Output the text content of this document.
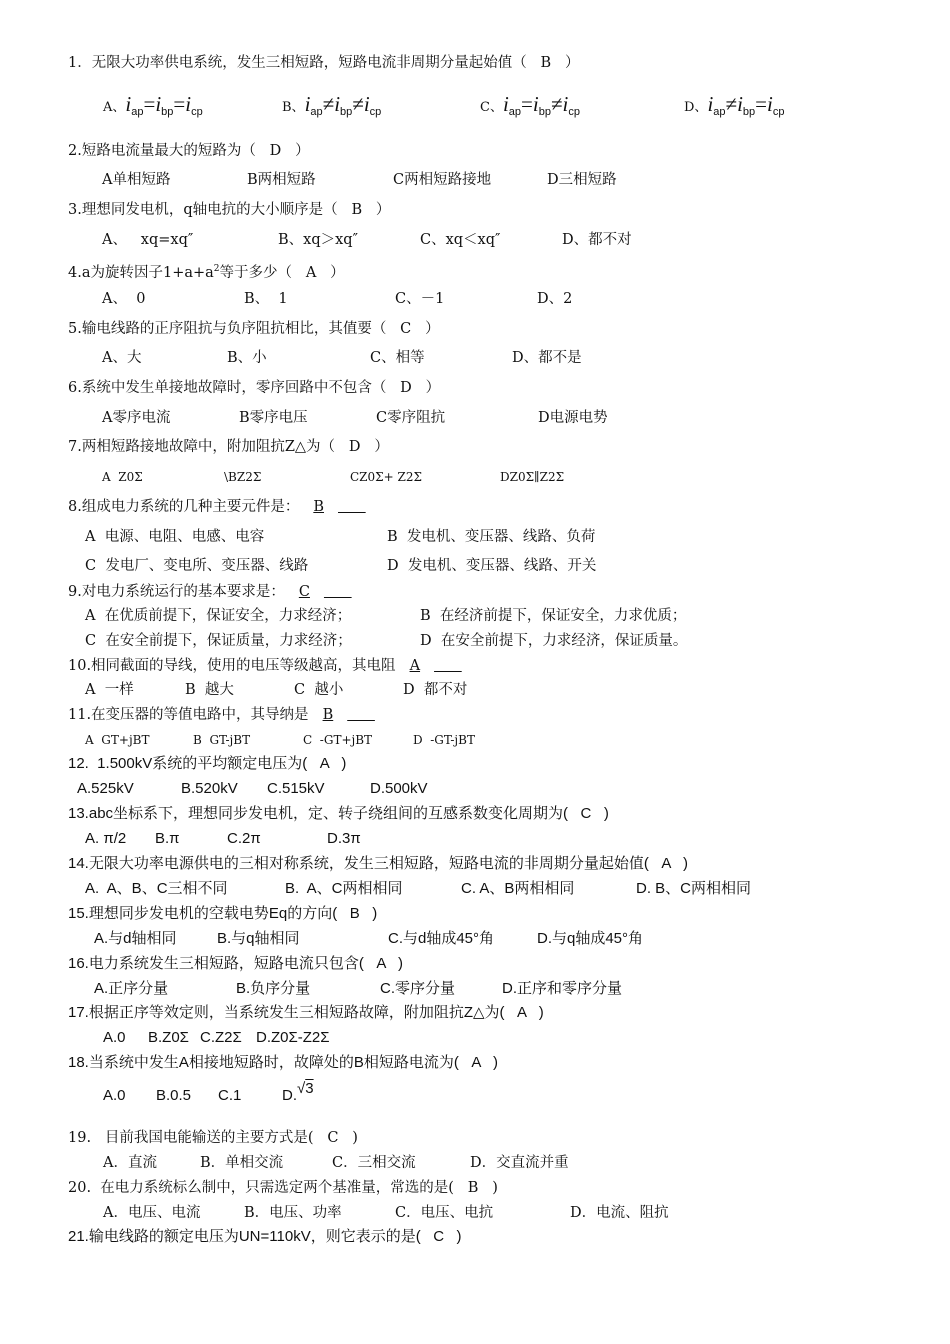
1．无限大功率供电系统，发生三相短路，短路电流非周期分量起始值（   B   ）
A、$i_{ap}=i_{bp}=i_{cp}$	B、$i_{ap}\ne i_{bp}\ne i_{cp}$	C、$i_{ap}=i_{bp}\ne i_{cp}$	D、$i_{ap}\ne i_{bp}=i_{cp}$
2.短路电流量最大的短路为（   D   ）
A单相短路	B两相短路	C两相短路接地	D三相短路
3.理想同发电机，q轴电抗的大小顺序是（   B   ）
A、   xq=xq″	B、xq＞xq″	C、xq＜xq″	D、都不对
4.a为旋转因子$1+a+a^2$等于多少（   A   ）
A、  0	B、  1	C、－1	D、2
5.输电线路的正序阻抗与负序阻抗相比，其值要（   C   ）
A、大	B、小	C、相等	D、都不是
6.系统中发生单接地故障时，零序回路中不包含（   D   ）
A零序电流	B零序电压	C零序阻抗	D电源电势
7.两相短路接地故障中，附加阻抗Z△为（   D   ）
A  Z0Σ	\BZ2Σ	CZ0Σ+ Z2Σ	DZ0Σ∥Z2Σ
8.组成电力系统的几种主要元件是： B
A  电源、电阻、电感、电容	B  发电机、变压器、线路、负荷
C  发电厂、变电所、变压器、线路	D  发电机、变压器、线路、开关
9.对电力系统运行的基本要求是： C
A  在优质前提下，保证安全，力求经济；	B  在经济前提下，保证安全，力求优质；
C  在安全前提下，保证质量，力求经济；	D  在安全前提下，力求经济，保证质量。
10.相同截面的导线，使用的电压等级越高，其电阻 A
A  一样	B  越大	C  越小	D  都不对
11.在变压器的等值电路中，其导纳是 B
A  GT+jBT	B  GT-jBT	C  -GT+jBT	D  -GT-jBT
12.  1.500kV系统的平均额定电压为(   A   )
A.525kV	B.520kV C.515kV	D.500kV
13.abc坐标系下，理想同步发电机，定、转子绕组间的互感系数变化周期为(   C   )
A. π/2 B.π	C.2π	D.3π
14.无限大功率电源供电的三相对称系统，发生三相短路，短路电流的非周期分量起始值(   A   )
A.  A、B、C三相不同	B.  A、C两相相同	C. A、B两相相同	D. B、C两相相同
15.理想同步发电机的空载电势Eq的方向(   B   )
A.与d轴相同	B.与q轴相同	C.与d轴成45°角	D.与q轴成45°角
16.电力系统发生三相短路，短路电流只包含(   A   )
A.正序分量	B.负序分量	C.零序分量	D.正序和零序分量
17.根据正序等效定则，当系统发生三相短路故障，附加阻抗Z△为(   A   )
A.0 B.Z0Σ C.Z2Σ D.Z0Σ-Z2Σ
18.当系统中发生A相接地短路时，故障处的B相短路电流为(   A   )
A.0 B.0.5 C.1	D.√3
19.   目前我国电能输送的主要方式是(   C   )
A．直流	B．单相交流	C．三相交流	D．交直流并重
20.  在电力系统标么制中，只需选定两个基准量，常选的是(   B   )
A．电压、电流	B．电压、功率	C．电压、电抗	D．电流、阻抗
21.输电线路的额定电压为UN=110kV，则它表示的是(   C   )
